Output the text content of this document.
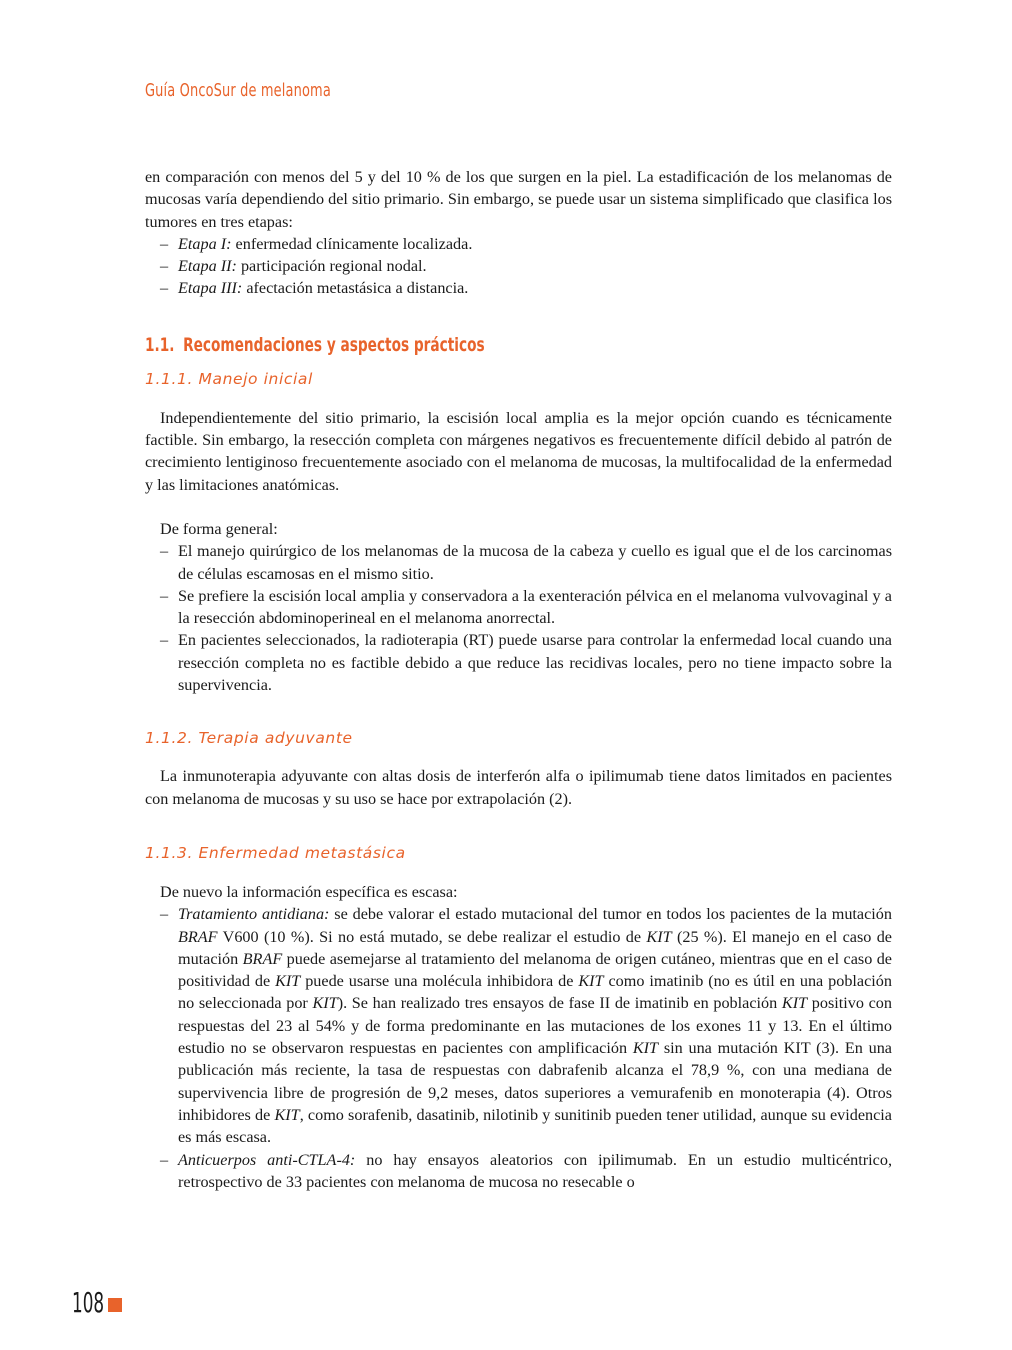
Guía OncoSur de melanoma

en comparación con menos del 5 y del 10 % de los que surgen en la piel. La estadificación de los melanomas de mucosas varía dependiendo del sitio primario. Sin embargo, se puede usar un sistema simplificado que clasifica los tumores en tres etapas:

– Etapa I: enfermedad clínicamente localizada.
– Etapa II: participación regional nodal.
– Etapa III: afectación metastásica a distancia.
1.1. Recomendaciones y aspectos prácticos
1.1.1. Manejo inicial

Independientemente del sitio primario, la escisión local amplia es la mejor opción cuando es técnicamente factible. Sin embargo, la resección completa con márgenes negativos es frecuentemente difícil debido al patrón de crecimiento lentiginoso frecuentemente asociado con el melanoma de mucosas, la multifocalidad de la enfermedad y las limitaciones anatómicas.

De forma general:

– El manejo quirúrgico de los melanomas de la mucosa de la cabeza y cuello es igual que el de los carcinomas de células escamosas en el mismo sitio.
– Se prefiere la escisión local amplia y conservadora a la exenteración pélvica en el melanoma vulvovaginal y a la resección abdominoperineal en el melanoma anorrectal.
– En pacientes seleccionados, la radioterapia (RT) puede usarse para controlar la enfermedad local cuando una resección completa no es factible debido a que reduce las recidivas locales, pero no tiene impacto sobre la supervivencia.
1.1.2. Terapia adyuvante

La inmunoterapia adyuvante con altas dosis de interferón alfa o ipilimumab tiene datos limitados en pacientes con melanoma de mucosas y su uso se hace por extrapolación (2).

1.1.3. Enfermedad metastásica

De nuevo la información específica es escasa:

– Tratamiento antidiana: se debe valorar el estado mutacional del tumor en todos los pacientes de la mutación BRAF V600 (10 %). Si no está mutado, se debe realizar el estudio de KIT (25 %). El manejo en el caso de mutación BRAF puede asemejarse al tratamiento del melanoma de origen cutáneo, mientras que en el caso de positividad de KIT puede usarse una molécula inhibidora de KIT como imatinib (no es útil en una población no seleccionada por KIT). Se han realizado tres ensayos de fase II de imatinib en población KIT positivo con respuestas del 23 al 54% y de forma predominante en las mutaciones de los exones 11 y 13. En el último estudio no se observaron respuestas en pacientes con amplificación KIT sin una mutación KIT (3). En una publicación más reciente, la tasa de respuestas con dabrafenib alcanza el 78,9 %, con una mediana de supervivencia libre de progresión de 9,2 meses, datos superiores a vemurafenib en monoterapia (4). Otros inhibidores de KIT, como sorafenib, dasatinib, nilotinib y sunitinib pueden tener utilidad, aunque su evidencia es más escasa.
– Anticuerpos anti-CTLA-4: no hay ensayos aleatorios con ipilimumab. En un estudio multicéntrico, retrospectivo de 33 pacientes con melanoma de mucosa no resecable o
108
